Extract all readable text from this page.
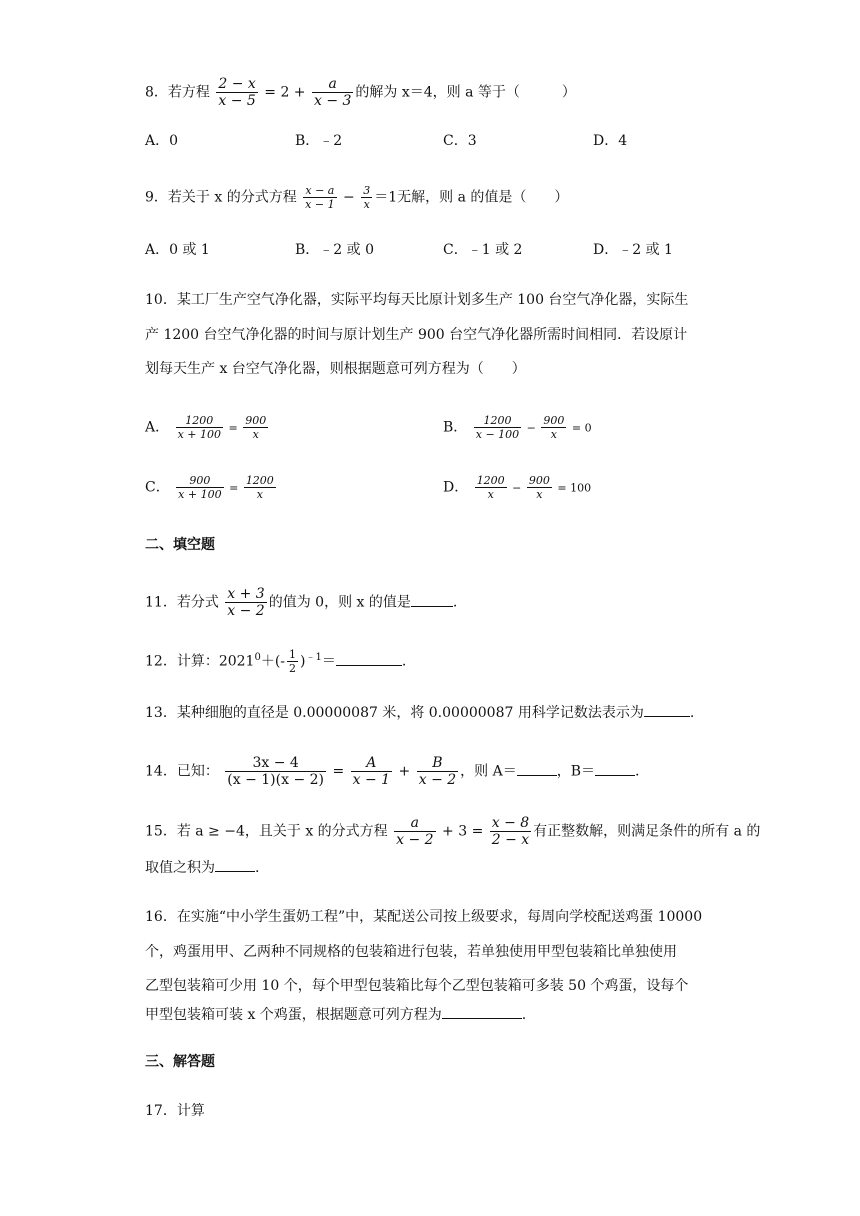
8．若方程 $\frac{2 - x}{x - 5} = 2 + \frac{a}{x - 3}$ 的解为 x＝4，则 a 等于（　　　）
A．0	B．﹣2	C．3	D．4
9．若关于 x 的分式方程 $\frac{x - a}{x - 1} - \frac{3}{x} =1$无解，则 a 的值是（　　）
A．0 或 1	B．﹣2 或 0	C．﹣1 或 2	D．﹣2 或 1
10．某工厂生产空气净化器，实际平均每天比原计划多生产 100 台空气净化器，实际生
产 1200 台空气净化器的时间与原计划生产 900 台空气净化器所需时间相同．若设原计
划每天生产 x 台空气净化器，则根据题意可列方程为（　　）
A． $\frac{1200}{x + 100} = \frac{900}{x}$	B． $\frac{1200}{x - 100} - \frac{900}{x} = 0$
C． $\frac{900}{x + 100} = \frac{1200}{x}$	D． $\frac{1200}{x} - \frac{900}{x} = 100$
二、填空题
11．若分式 $\frac{x + 3}{x - 2}$ 的值为 0，则 x 的值是	.
12．计算：$2021^0+(- \frac{1}{2} )^{﹣1}=$	.
13．某种细胞的直径是 0.00000087 米，将 0.00000087 用科学记数法表示为	.
14．已知： $\frac{3x - 4}{(x - 1)(x - 2)} = \frac{A}{x - 1} + \frac{B}{x - 2}$ ，则 A＝	，B＝	.
15．若 a ≥ −4，且关于 x 的分式方程 $\frac{a}{x - 2} + 3 = \frac{x - 8}{2 - x}$ 有正整数解，则满足条件的所有 a 的
取值之积为	.
16．在实施“中小学生蛋奶工程”中，某配送公司按上级要求，每周向学校配送鸡蛋 10000
个，鸡蛋用甲、乙两种不同规格的包装箱进行包装，若单独使用甲型包装箱比单独使用
乙型包装箱可少用 10 个，每个甲型包装箱比每个乙型包装箱可多装 50 个鸡蛋，设每个
甲型包装箱可装 x 个鸡蛋，根据题意可列方程为	.
三、解答题
17．计算
